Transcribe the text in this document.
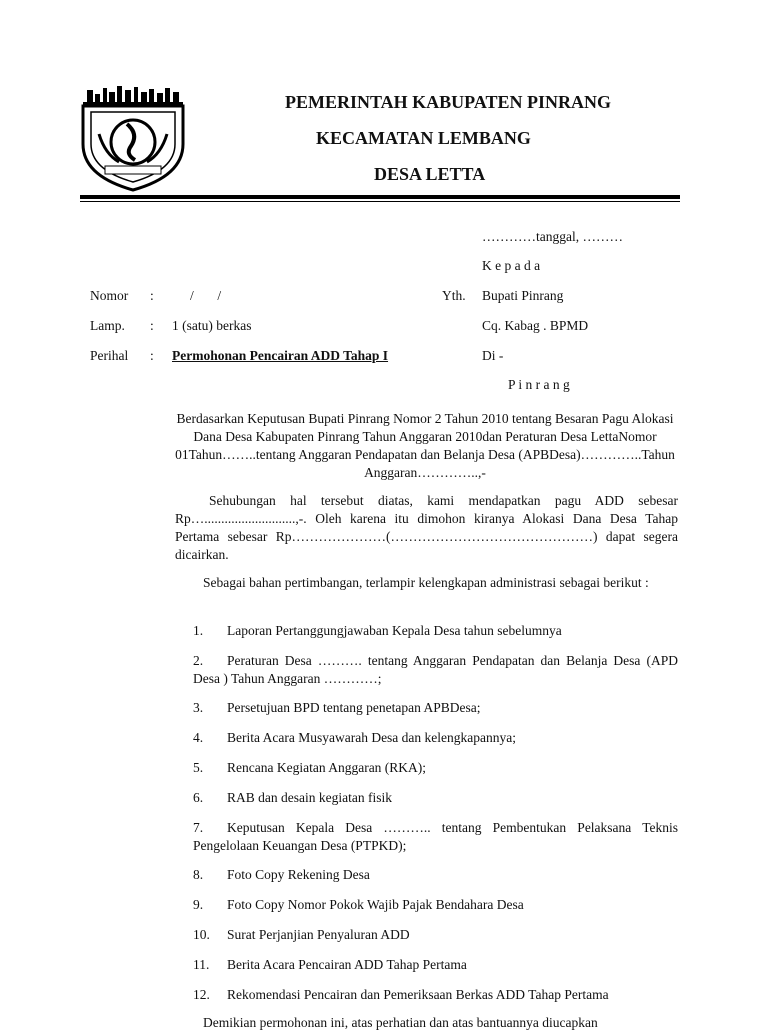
PEMERINTAH KABUPATEN PINRANG
KECAMATAN LEMBANG
DESA LETTA
…………tanggal, ………
K e p a d a
Nomor :	/       /	Yth. Bupati Pinrang
Lamp. : 1 (satu) berkas	Cq. Kabag . BPMD
Perihal : Permohonan Pencairan ADD Tahap I	Di -
P i n r a n g
Berdasarkan Keputusan Bupati Pinrang Nomor 2 Tahun 2010 tentang Besaran Pagu Alokasi Dana Desa Kabupaten Pinrang Tahun Anggaran 2010dan Peraturan Desa LettaNomor 01Tahun……..tentang Anggaran Pendapatan dan Belanja Desa (APBDesa)…………..Tahun Anggaran…………..,-
Sehubungan hal tersebut diatas, kami mendapatkan pagu ADD sebesar Rp…...........................,-. Oleh karena itu dimohon kiranya Alokasi Dana Desa Tahap Pertama sebesar Rp…………………(………………………………………) dapat segera dicairkan.
Sebagai bahan pertimbangan, terlampir kelengkapan administrasi sebagai berikut :
1. Laporan Pertanggungjawaban Kepala Desa tahun sebelumnya
2. Peraturan Desa ………. tentang Anggaran Pendapatan dan Belanja Desa (APD Desa ) Tahun Anggaran …………;
3. Persetujuan BPD tentang penetapan APBDesa;
4. Berita Acara Musyawarah Desa dan kelengkapannya;
5. Rencana Kegiatan Anggaran (RKA);
6. RAB dan desain kegiatan fisik
7. Keputusan Kepala Desa ……….. tentang Pembentukan Pelaksana Teknis Pengelolaan Keuangan Desa (PTPKD);
8. Foto Copy Rekening Desa
9. Foto Copy Nomor Pokok Wajib Pajak Bendahara Desa
10. Surat Perjanjian Penyaluran ADD
11. Berita Acara Pencairan ADD Tahap Pertama
12. Rekomendasi Pencairan dan Pemeriksaan Berkas ADD Tahap Pertama
Demikian permohonan ini, atas perhatian dan atas bantuannya diucapkan
